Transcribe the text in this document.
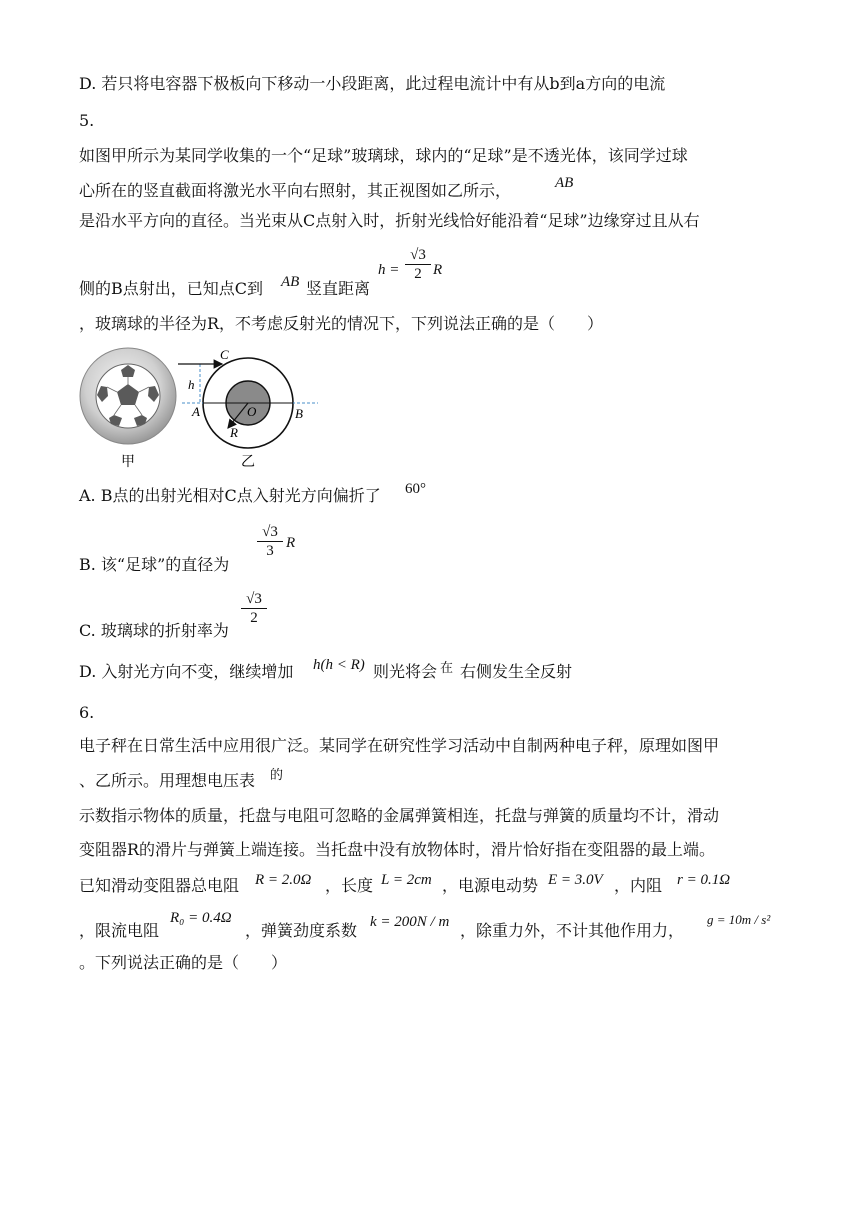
D. 若只将电容器下极板向下移动一小段距离，此过程电流计中有从b到a方向的电流
5.
如图甲所示为某同学收集的一个“足球”玻璃球，球内的“足球”是不透光体，该同学过球
心所在的竖直截面将激光水平向右照射，其正视图如乙所示，	AB
是沿水平方向的直径。当光束从C点射入时，折射光线恰好能沿着“足球”边缘穿过且从右
侧的B点射出，已知点C到 AB 竖直距离
$h = \frac{√3}{2}$ R
，玻璃球的半径为R，不考虑反射光的情况下，下列说法正确的是（　　）
甲
C
h
A	O	B
R
乙
A. B点的出射光相对C点入射光方向偏折了 60°
B. 该“足球”的直径为
$\frac{√3}{3}$ R
C. 玻璃球的折射率为
$\frac{√3}{2}$
D. 入射光方向不变，继续增加 h(h < R) 则光将会 在 右侧发生全反射
6.
电子秤在日常生活中应用很广泛。某同学在研究性学习活动中自制两种电子秤，原理如图甲
、乙所示。用理想电压表 的
示数指示物体的质量，托盘与电阻可忽略的金属弹簧相连，托盘与弹簧的质量均不计，滑动
变阻器R的滑片与弹簧上端连接。当托盘中没有放物体时，滑片恰好指在变阻器的最上端。
已知滑动变阻器总电阻 R = 2.0Ω ，长度 L = 2cm ，电源电动势 E = 3.0V ，内阻 r = 0.1Ω
，限流电阻
R₀ = 0.4Ω
，弹簧劲度系数 k = 200N / m ，除重力外，不计其他作用力，
g = 10m / s²
。下列说法正确的是（　　）
